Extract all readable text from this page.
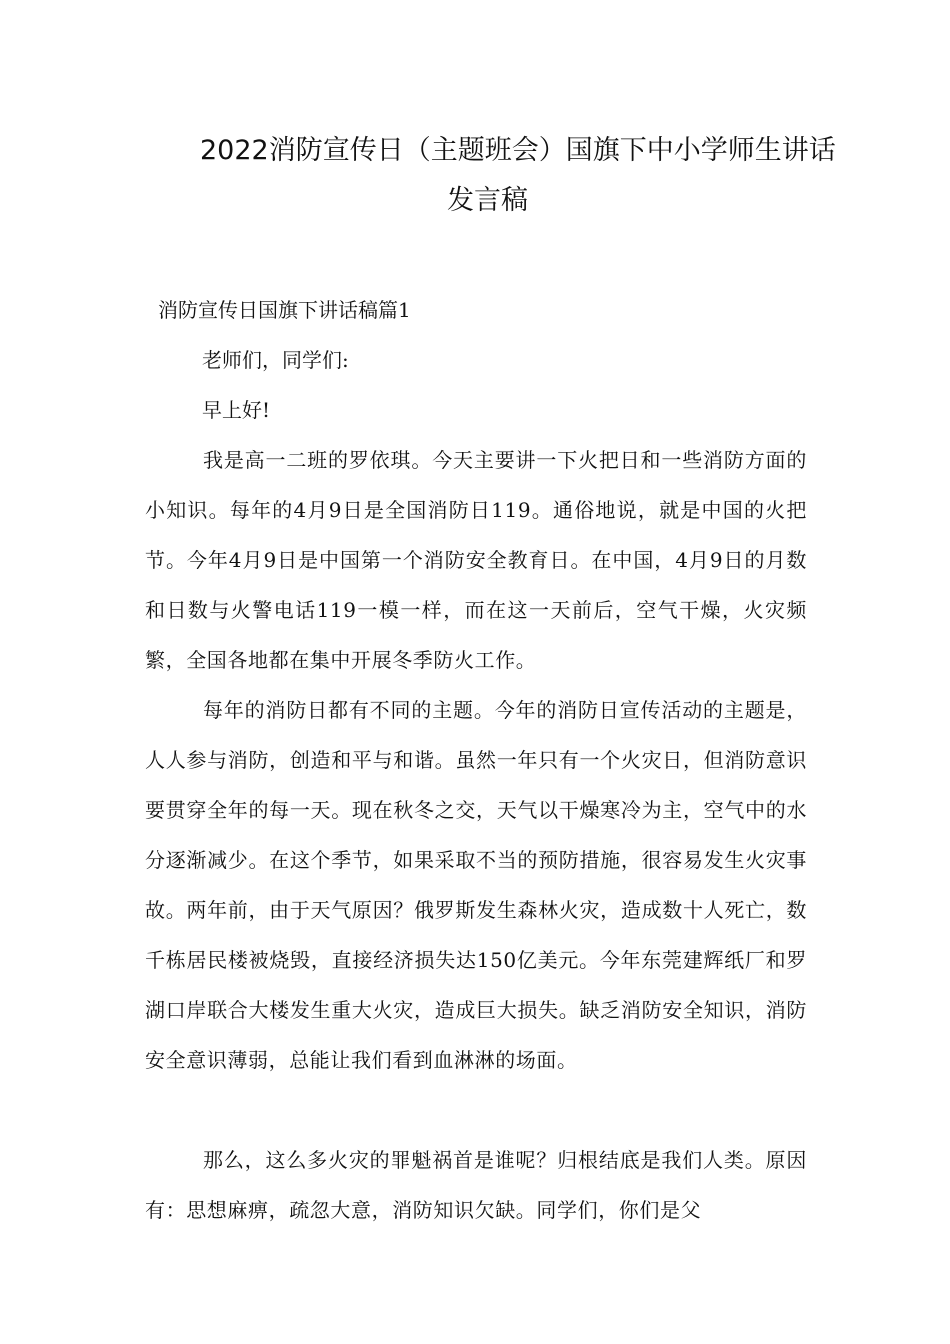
2022消防宣传日（主题班会）国旗下中小学师生讲话
发言稿
消防宣传日国旗下讲话稿篇1
老师们，同学们:
早上好!
我是高一二班的罗依琪。今天主要讲一下火把日和一些消防方面的小知识。每年的4月9日是全国消防日119。通俗地说，就是中国的火把节。今年4月9日是中国第一个消防安全教育日。在中国，4月9日的月数和日数与火警电话119一模一样，而在这一天前后，空气干燥，火灾频繁，全国各地都在集中开展冬季防火工作。
每年的消防日都有不同的主题。今年的消防日宣传活动的主题是，人人参与消防，创造和平与和谐。虽然一年只有一个火灾日，但消防意识要贯穿全年的每一天。现在秋冬之交，天气以干燥寒冷为主，空气中的水分逐渐减少。在这个季节，如果采取不当的预防措施，很容易发生火灾事故。两年前，由于天气原因？俄罗斯发生森林火灾，造成数十人死亡，数千栋居民楼被烧毁，直接经济损失达150亿美元。今年东莞建辉纸厂和罗湖口岸联合大楼发生重大火灾，造成巨大损失。缺乏消防安全知识，消防安全意识薄弱，总能让我们看到血淋淋的场面。
那么，这么多火灾的罪魁祸首是谁呢？归根结底是我们人类。原因有：思想麻痹，疏忽大意，消防知识欠缺。同学们，你们是父
